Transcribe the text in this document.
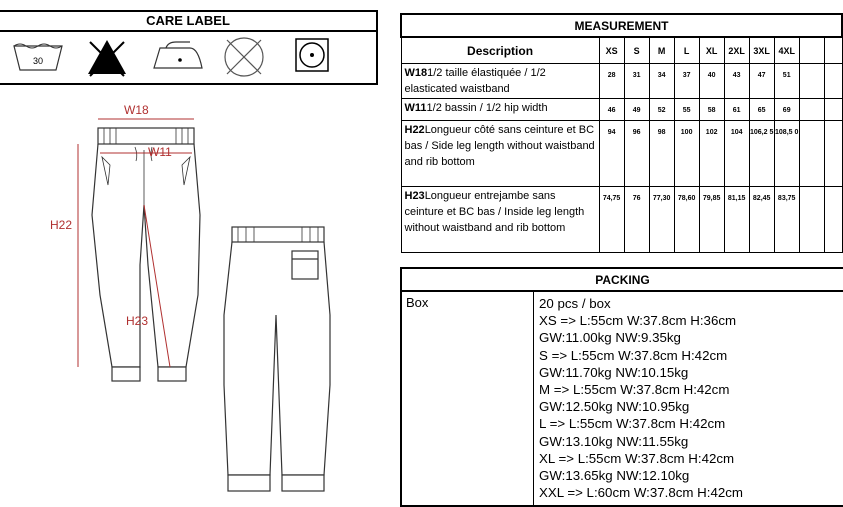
CARE LABEL
30
W18
W11
H22
H23
MEASUREMENT										
Description	XS	S	M	L	XL	2XL	3XL	4XL		
W181/2 taille élastiquée / 1/2 elasticated waistband	28	31	34	37	40	43	47	51		
W111/2 bassin / 1/2 hip width	46	49	52	55	58	61	65	69		
H22Longueur côté sans ceinture et BC bas / Side leg length without waistband and rib bottom	94	96	98	100	102	104	106,2 5	108,5 0		
H23Longueur entrejambe sans ceinture et BC bas / Inside leg length without waistband and rib bottom	74,75	76	77,30	78,60	79,85	81,15	82,45	83,75		
PACKING
Box	20 pcs / box
XS => L:55cm W:37.8cm H:36cm
GW:11.00kg NW:9.35kg
S => L:55cm W:37.8cm H:42cm
GW:11.70kg NW:10.15kg
M => L:55cm W:37.8cm H:42cm
GW:12.50kg NW:10.95kg
L => L:55cm W:37.8cm H:42cm
GW:13.10kg NW:11.55kg
XL => L:55cm W:37.8cm H:42cm
GW:13.65kg NW:12.10kg
XXL => L:60cm W:37.8cm H:42cm
